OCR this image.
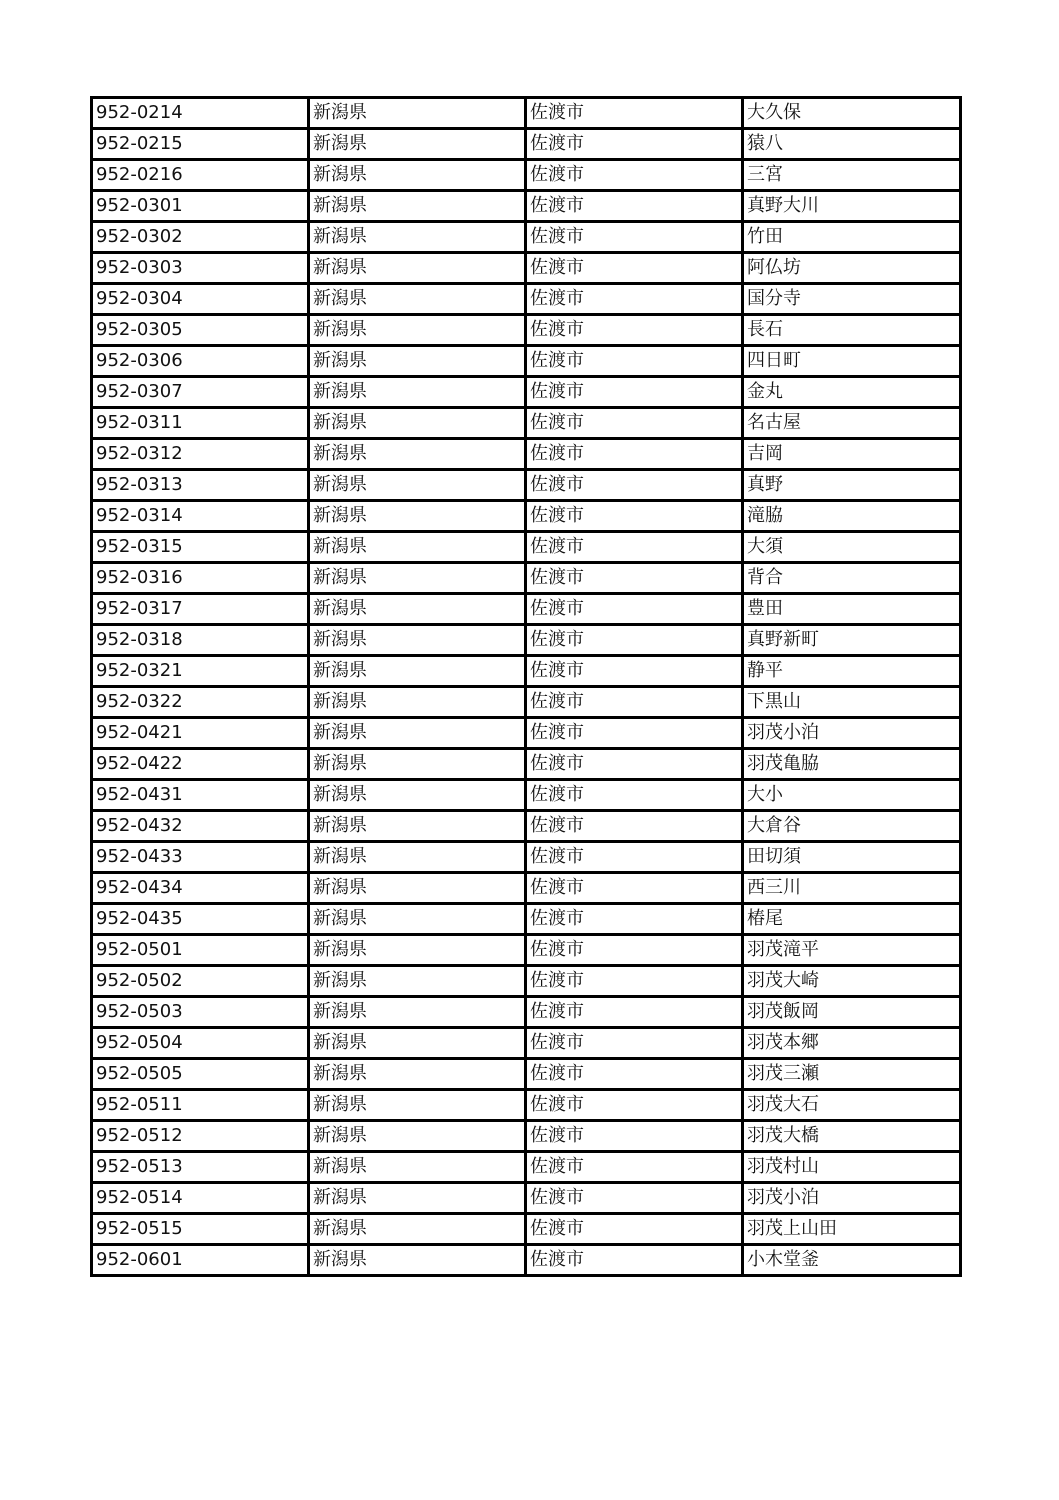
952-0214	新潟県	佐渡市	大久保
952-0215	新潟県	佐渡市	猿八
952-0216	新潟県	佐渡市	三宮
952-0301	新潟県	佐渡市	真野大川
952-0302	新潟県	佐渡市	竹田
952-0303	新潟県	佐渡市	阿仏坊
952-0304	新潟県	佐渡市	国分寺
952-0305	新潟県	佐渡市	長石
952-0306	新潟県	佐渡市	四日町
952-0307	新潟県	佐渡市	金丸
952-0311	新潟県	佐渡市	名古屋
952-0312	新潟県	佐渡市	吉岡
952-0313	新潟県	佐渡市	真野
952-0314	新潟県	佐渡市	滝脇
952-0315	新潟県	佐渡市	大須
952-0316	新潟県	佐渡市	背合
952-0317	新潟県	佐渡市	豊田
952-0318	新潟県	佐渡市	真野新町
952-0321	新潟県	佐渡市	静平
952-0322	新潟県	佐渡市	下黒山
952-0421	新潟県	佐渡市	羽茂小泊
952-0422	新潟県	佐渡市	羽茂亀脇
952-0431	新潟県	佐渡市	大小
952-0432	新潟県	佐渡市	大倉谷
952-0433	新潟県	佐渡市	田切須
952-0434	新潟県	佐渡市	西三川
952-0435	新潟県	佐渡市	椿尾
952-0501	新潟県	佐渡市	羽茂滝平
952-0502	新潟県	佐渡市	羽茂大崎
952-0503	新潟県	佐渡市	羽茂飯岡
952-0504	新潟県	佐渡市	羽茂本郷
952-0505	新潟県	佐渡市	羽茂三瀬
952-0511	新潟県	佐渡市	羽茂大石
952-0512	新潟県	佐渡市	羽茂大橋
952-0513	新潟県	佐渡市	羽茂村山
952-0514	新潟県	佐渡市	羽茂小泊
952-0515	新潟県	佐渡市	羽茂上山田
952-0601	新潟県	佐渡市	小木堂釜
